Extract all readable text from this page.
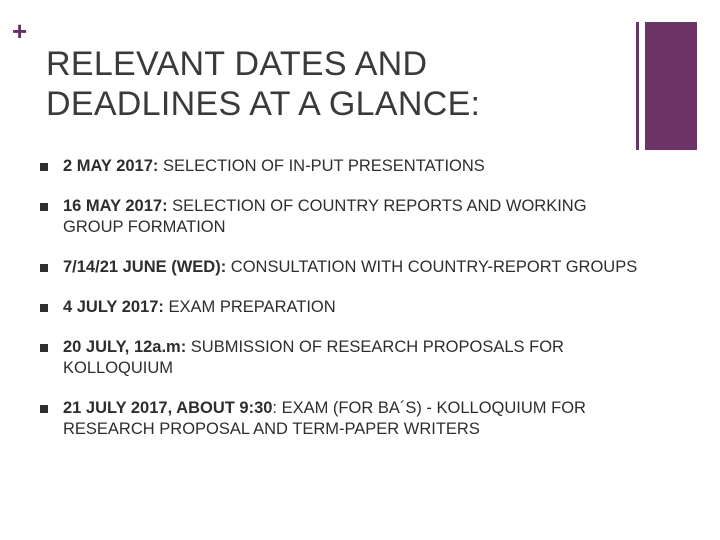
+
RELEVANT DATES AND DEADLINES AT A GLANCE:
2 MAY 2017: SELECTION OF IN-PUT PRESENTATIONS
16 MAY 2017: SELECTION OF COUNTRY REPORTS AND WORKING GROUP FORMATION
7/14/21 JUNE (WED): CONSULTATION WITH COUNTRY-REPORT GROUPS
4 JULY 2017: EXAM PREPARATION
20 JULY, 12a.m: SUBMISSION OF RESEARCH PROPOSALS FOR KOLLOQUIUM
21 JULY 2017, ABOUT 9:30: EXAM (FOR BA´S) - KOLLOQUIUM FOR RESEARCH PROPOSAL AND TERM-PAPER WRITERS
